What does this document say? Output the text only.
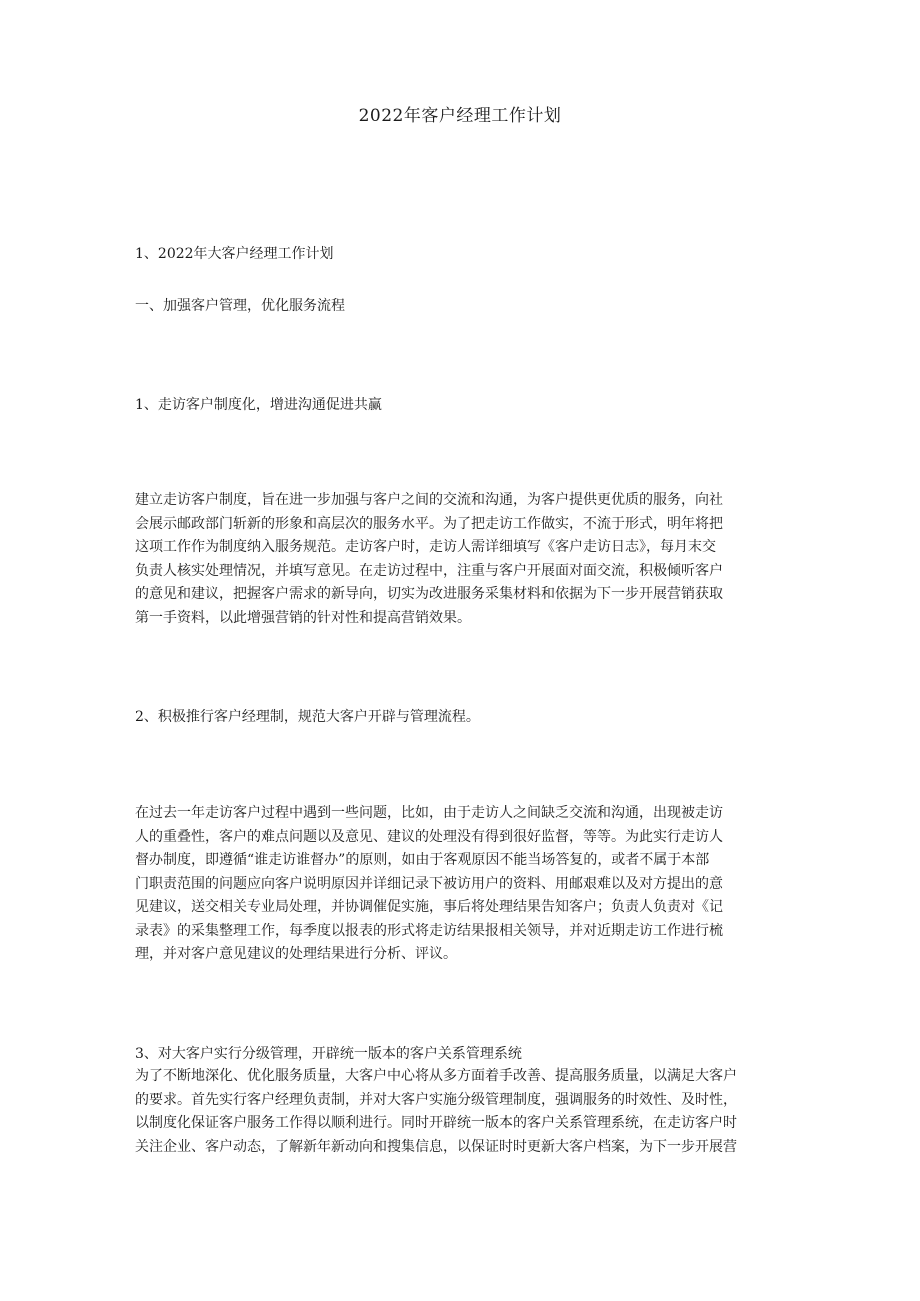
2022年客户经理工作计划
1、2022年大客户经理工作计划
一、加强客户管理，优化服务流程
1、走访客户制度化，增进沟通促进共赢
建立走访客户制度，旨在进一步加强与客户之间的交流和沟通，为客户提供更优质的服务，向社
会展示邮政部门斩新的形象和高层次的服务水平。为了把走访工作做实，不流于形式，明年将把
这项工作作为制度纳入服务规范。走访客户时，走访人需详细填写《客户走访日志》，每月末交
负责人核实处理情况，并填写意见。在走访过程中，注重与客户开展面对面交流，积极倾听客户
的意见和建议，把握客户需求的新导向，切实为改进服务采集材料和依据为下一步开展营销获取
第一手资料，以此增强营销的针对性和提高营销效果。
2、积极推行客户经理制，规范大客户开辟与管理流程。
在过去一年走访客户过程中遇到一些问题，比如，由于走访人之间缺乏交流和沟通，出现被走访
人的重叠性，客户的难点问题以及意见、建议的处理没有得到很好监督，等等。为此实行走访人
督办制度，即遵循“谁走访谁督办”的原则，如由于客观原因不能当场答复的，或者不属于本部
门职责范围的问题应向客户说明原因并详细记录下被访用户的资料、用邮艰难以及对方提出的意
见建议，送交相关专业局处理，并协调催促实施，事后将处理结果告知客户；负责人负责对《记
录表》的采集整理工作，每季度以报表的形式将走访结果报相关领导，并对近期走访工作进行梳
理，并对客户意见建议的处理结果进行分析、评议。
3、对大客户实行分级管理，开辟统一版本的客户关系管理系统
为了不断地深化、优化服务质量，大客户中心将从多方面着手改善、提高服务质量，以满足大客户
的要求。首先实行客户经理负责制，并对大客户实施分级管理制度，强调服务的时效性、及时性，
以制度化保证客户服务工作得以顺利进行。同时开辟统一版本的客户关系管理系统，在走访客户时
关注企业、客户动态，了解新年新动向和搜集信息，以保证时时更新大客户档案，为下一步开展营
